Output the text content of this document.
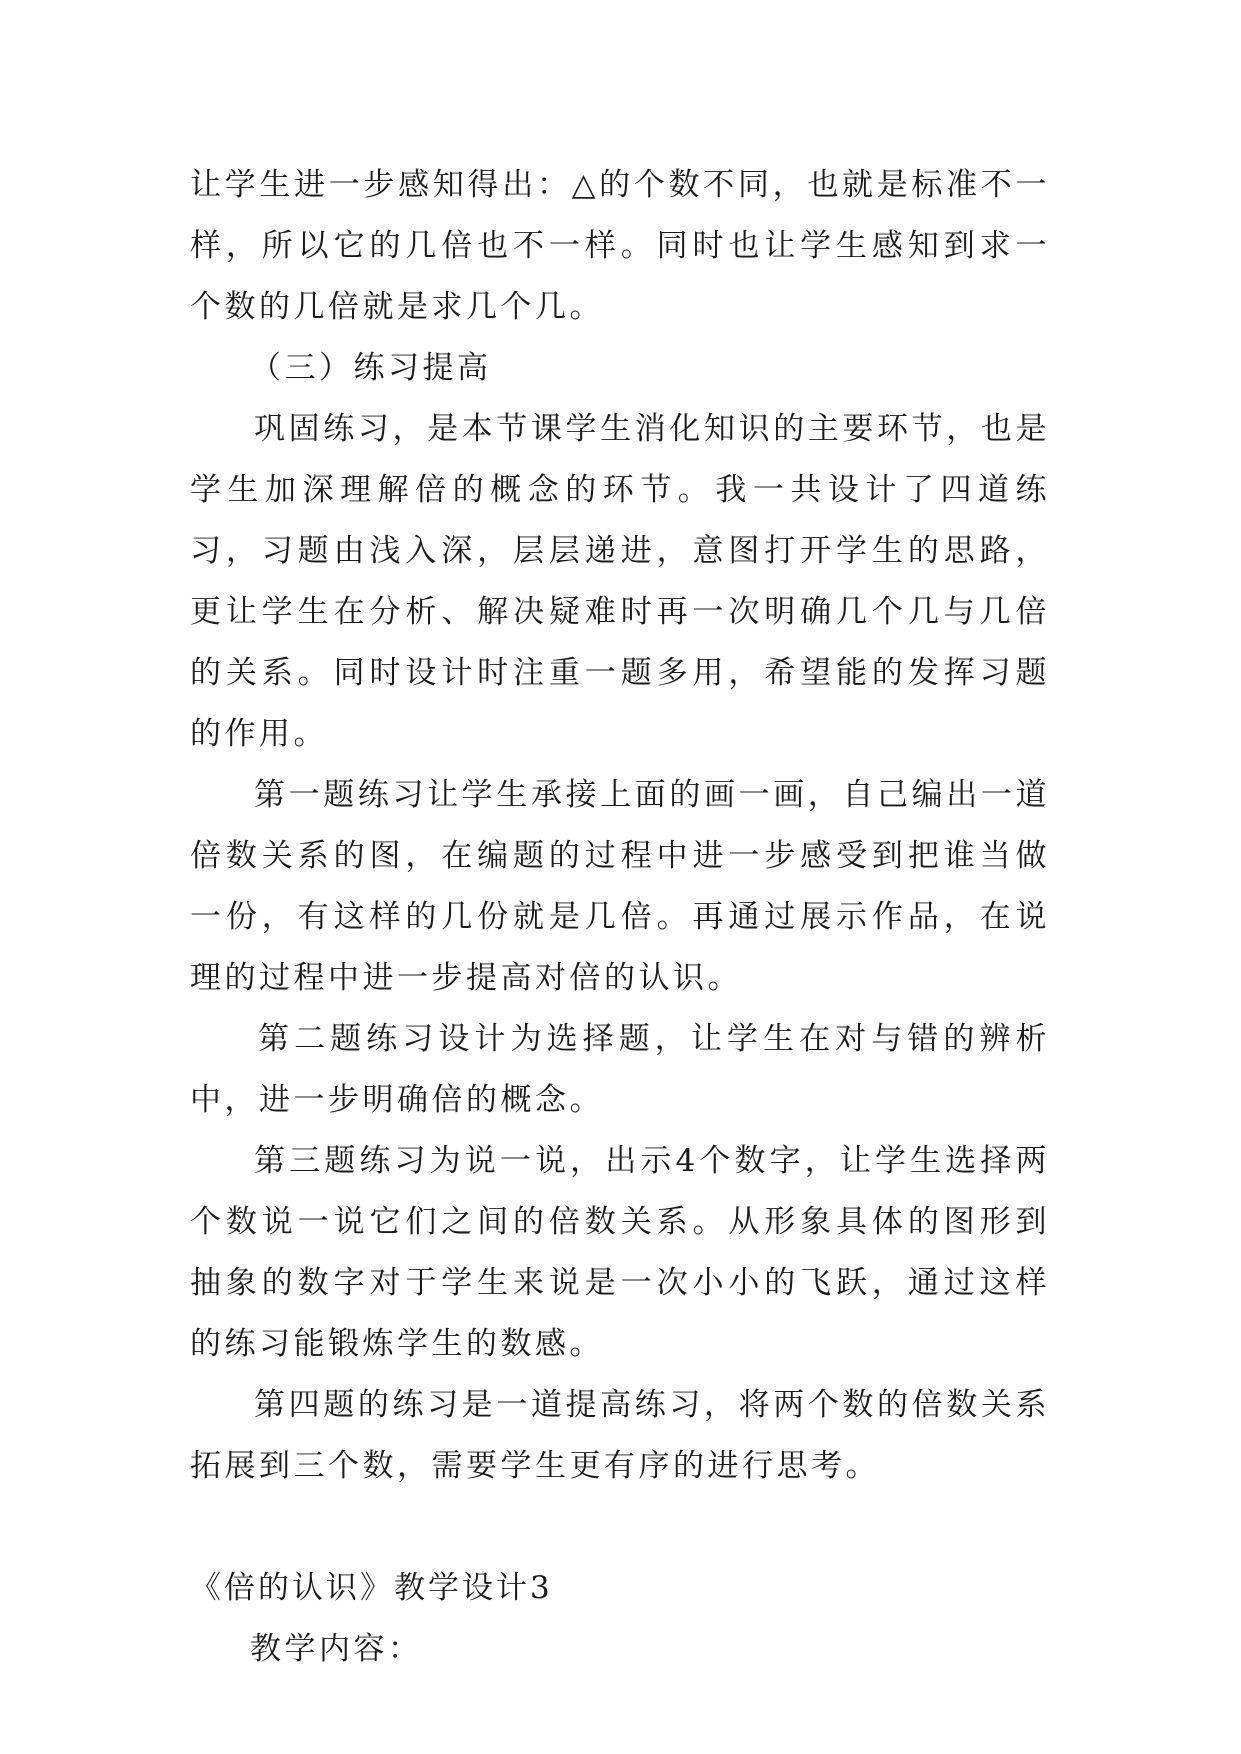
让学生进一步感知得出：△的个数不同，也就是标准不一样，所以它的几倍也不一样。同时也让学生感知到求一个数的几倍就是求几个几。

（三）练习提高

巩固练习，是本节课学生消化知识的主要环节，也是学生加深理解倍的概念的环节。我一共设计了四道练习，习题由浅入深，层层递进，意图打开学生的思路，更让学生在分析、解决疑难时再一次明确几个几与几倍的关系。同时设计时注重一题多用，希望能的发挥习题的作用。

第一题练习让学生承接上面的画一画，自己编出一道倍数关系的图，在编题的过程中进一步感受到把谁当做一份，有这样的几份就是几倍。再通过展示作品，在说理的过程中进一步提高对倍的认识。

第二题练习设计为选择题，让学生在对与错的辨析中，进一步明确倍的概念。

第三题练习为说一说，出示4个数字，让学生选择两个数说一说它们之间的倍数关系。从形象具体的图形到抽象的数字对于学生来说是一次小小的飞跃，通过这样的练习能锻炼学生的数感。

第四题的练习是一道提高练习，将两个数的倍数关系拓展到三个数，需要学生更有序的进行思考。

《倍的认识》教学设计3

教学内容：
